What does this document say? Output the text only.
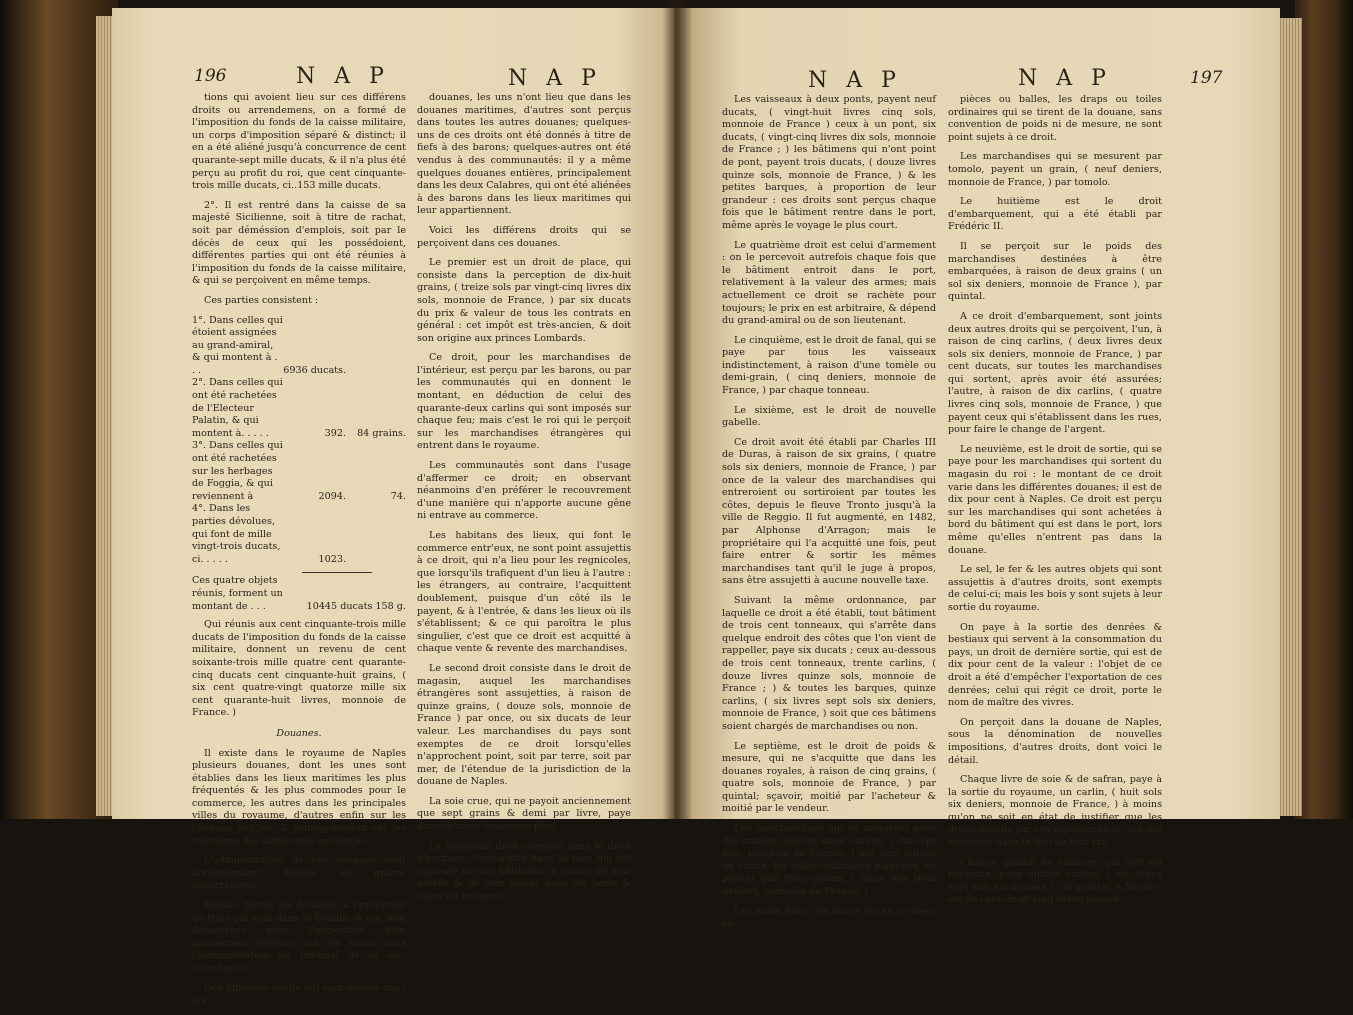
196	N A P	N A P

tions qui avoient lieu sur ces différens droits ou arrendemens, on a formé de l'imposition du fonds de la caisse militaire, un corps d'imposition séparé & distinct; il en a été aliéné jusqu'à concurrence de cent quarante-sept mille ducats, & il n'a plus été perçu au profit du roi, que cent cinquante-trois mille ducats, ci..153 mille ducats.

2°. Il est rentré dans la caisse de sa majesté Sicilienne, soit à titre de rachat, soit par déméssion d'emplois, soit par le décès de ceux qui les possédoient, différentes parties qui ont été réunies à l'imposition du fonds de la caisse militaire, & qui se perçoivent en même temps.

Ces parties consistent :

1°. Dans celles qui étoient assignées au grand-amiral, & qui montent à . . .	6936 ducats.	
2°. Dans celles qui ont été rachetées de l'Electeur Palatin, & qui montent à. . . . .	392.	84 grains.
3°. Dans celles qui ont été rachetées sur les herbages de Foggia, & qui reviennent à	2094.	74.
4°. Dans les parties dévolues, qui font de mille vingt-trois ducats, ci. . . . .	1023.	
Ces quatre objets réunis, forment un montant de . . .	10445 ducats 158 g.

Qui réunis aux cent cinquante-trois mille ducats de l'imposition du fonds de la caisse militaire, donnent un revenu de cent soixante-trois mille quatre cent quarante-cinq ducats cent cinquante-huit grains, ( six cent quatre-vingt quatorze mille six cent quarante-huit livres, monnoie de France. )

Douanes.

Il existe dans le royaume de Naples plusieurs douanes, dont les unes sont établies dans les lieux maritimes les plus fréquentés & les plus commodes pour le commerce, les autres dans les principales villes du royaume, d'autres enfin sur les chemins publics, & principalement sur les frontières des différentes provinces.

L'administration de ces douanes étoit anciennement divisée en quatre départemens.

Depuis, toutes les douanes, à l'exception de trois qui sont dans la Pouille, & qui sont demeurées sous l'inspection d'un gouverneur général, ont été mises sous l'administration du tribunal de la sur-intendance.

Des différens droits qui sont perçus dans les

douanes, les uns n'ont lieu que dans les douanes maritimes, d'autres sont perçus dans toutes les autres douanes; quelques-uns de ces droits ont été donnés à titre de fiefs à des barons; quelques-autres ont été vendus à des communautés: il y a même quelques douanes entières, principalement dans les deux Calabres, qui ont été aliénées à des barons dans les lieux maritimes qui leur appartiennent.

Voici les différens droits qui se perçoivent dans ces douanes.

Le premier est un droit de place, qui consiste dans la perception de dix-huit grains, ( treize sols par vingt-cinq livres dix sols, monnoie de France, ) par six ducats du prix & valeur de tous les contrats en général : cet impôt est très-ancien, & doit son origine aux princes Lombards.

Ce droit, pour les marchandises de l'intérieur, est perçu par les barons, ou par les communautés qui en donnent le montant, en déduction de celui des quarante-deux carlins qui sont imposés sur chaque feu; mais c'est le roi qui le perçoit sur les marchandises étrangères qui entrent dans le royaume.

Les communautés sont dans l'usage d'affermer ce droit; en observant néanmoins d'en préférer le recouvrement d'une manière qui n'apporte aucune gêne ni entrave au commerce.

Les habitans des lieux, qui font le commerce entr'eux, ne sont point assujettis à ce droit, qui n'a lieu pour les regnicoles, que lorsqu'ils trafiquent d'un lieu à l'autre : les étrangers, au contraire, l'acquittent doublement, puisque d'un côté ils le payent, & à l'entrée, & dans les lieux où ils s'établissent; & ce qui paroîtra le plus singulier, c'est que ce droit est acquitté à chaque vente & revente des marchandises.

Le second droit consiste dans le droit de magasin, auquel les marchandises étrangères sont assujetties, à raison de quinze grains, ( douze sols, monnoie de France ) par once, ou six ducats de leur valeur. Les marchandises du pays sont exemptes de ce droit lorsqu'elles n'approchent point, soit par terre, soit par mer, de l'étendue de la jurisdiction de la douane de Naples.

La soie crue, qui ne payoit anciennement que sept grains & demi par livre, paye actuellement beaucoup plus.

Le troisième droit consiste dans le droit d'ancrage, c'est-à-dire dans la taxe qui est imposée sur les bâtimens, à raison de leur entrée & de leur séjour dans les ports & baies du royaume.

N A P	N A P	197

Les vaisseaux à deux ponts, payent neuf ducats, ( vingt-huit livres cinq sols, monnoie de France ) ceux à un pont, six ducats, ( vingt-cinq livres dix sols, monnoie de France ; ) les bâtimens qui n'ont point de pont, payent trois ducats, ( douze livres quinze sols, monnoie de France, ) & les petites barques, à proportion de leur grandeur : ces droits sont perçus chaque fois que le bâtiment rentre dans le port, même après le voyage le plus court.

Le quatrième droit est celui d'armement : on le percevoit autrefois chaque fois que le bâtiment entroit dans le port, relativement à la valeur des armes; mais actuellement ce droit se rachète pour toujours; le prix en est arbitraire, & dépend du grand-amiral ou de son lieutenant.

Le cinquième, est le droit de fanal, qui se paye par tous les vaisseaux indistinctement, à raison d'une tomèle ou demi-grain, ( cinq deniers, monnoie de France, ) par chaque tonneau.

Le sixième, est le droit de nouvelle gabelle.

Ce droit avoit été établi par Charles III de Duras, à raison de six grains, ( quatre sols six deniers, monnoie de France, ) par once de la valeur des marchandises qui entreroient ou sortiroient par toutes les côtes, depuis le fleuve Tronto jusqu'à la ville de Reggio. Il fut augmenté, en 1482, par Alphonse d'Arragon; mais le propriétaire qui l'a acquitté une fois, peut faire entrer & sortir les mêmes marchandises tant qu'il le juge à propos, sans être assujetti à aucune nouvelle taxe.

Suivant la même ordonnance, par laquelle ce droit a été établi, tout bâtiment de trois cent tonneaux, qui s'arrête dans quelque endroit des côtes que l'on vient de rappeller, paye six ducats ; ceux au-dessous de trois cent tonneaux, trente carlins, ( douze livres quinze sols, monnoie de France ; ) & toutes les barques, quinze carlins, ( six livres sept sols six deniers, monnoie de France, ) soit que ces bâtimens soient chargés de marchandises ou non.

Le septième, est le droit de poids & mesure, qui ne s'acquitte que dans les douanes royales, à raison de cinq grains, ( quatre sols, monnoie de France, ) par quintal; sçavoir, moitié par l'acheteur & moitié par le vendeur.

Les marchandises qui se mesurent avec des cannes, payent deux carlins, ( dix-sept sols, monnoie de France, ) par cent aulnes de canne; les toiles ordinaires blanches, ne payent que trois grains, ( deux sols trois deniers, monnoie de France. )

Les toiles fines, les draps qui se vendent en

pièces ou balles, les draps ou toiles ordinaires qui se tirent de la douane, sans convention de poids ni de mesure, ne sont point sujets à ce droit.

Les marchandises qui se mesurent par tomolo, payent un grain, ( neuf deniers, monnoie de France, ) par tomolo.

Le huitième est le droit d'embarquement, qui a été établi par Frédéric II.

Il se perçoit sur le poids des marchandises destinées à être embarquées, à raison de deux grains ( un sol six deniers, monnoie de France ), par quintal.

A ce droit d'embarquement, sont joints deux autres droits qui se perçoivent, l'un, à raison de cinq carlins, ( deux livres deux sols six deniers, monnoie de France, ) par cent ducats, sur toutes les marchandises qui sortent, après avoir été assurées; l'autre, à raison de dix carlins, ( quatre livres cinq sols, monnoie de France, ) que payent ceux qui s'établissent dans les rues, pour faire le change de l'argent.

Le neuvième, est le droit de sortie, qui se paye pour les marchandises qui sortent du magasin du roi : le montant de ce droit varie dans les différentes douanes; il est de dix pour cent à Naples. Ce droit est perçu sur les marchandises qui sont achetées à bord du bâtiment qui est dans le port, lors même qu'elles n'entrent pas dans la douane.

Le sel, le fer & les autres objets qui sont assujettis à d'autres droits, sont exempts de celui-ci; mais les bois y sont sujets à leur sortie du royaume.

On paye à la sortie des denrées & bestiaux qui servent à la consommation du pays, un droit de dernière sortie, qui est de dix pour cent de la valeur : l'objet de ce droit a été d'empêcher l'exportation de ces denrées; celui qui régit ce droit, porte le nom de maître des vivres.

On perçoit dans la douane de Naples, sous la dénomination de nouvelles impositions, d'autres droits, dont voici le détail.

Chaque livre de soie & de safran, paye à la sortie du royaume, un carlin, ( huit sols six deniers, monnoie de France, ) à moins qu'on ne soit en état de justifier que les droits établis sur ces marchandises, ont été acquittés dans le lieu de leur crû.

Chaque quintal de chanvre, qui sort du royaume, paye quinze carlins, ( six livres sept sols six deniers ) : le quintal, à Naples, est de cent-vingt-cinq livres pesant.
